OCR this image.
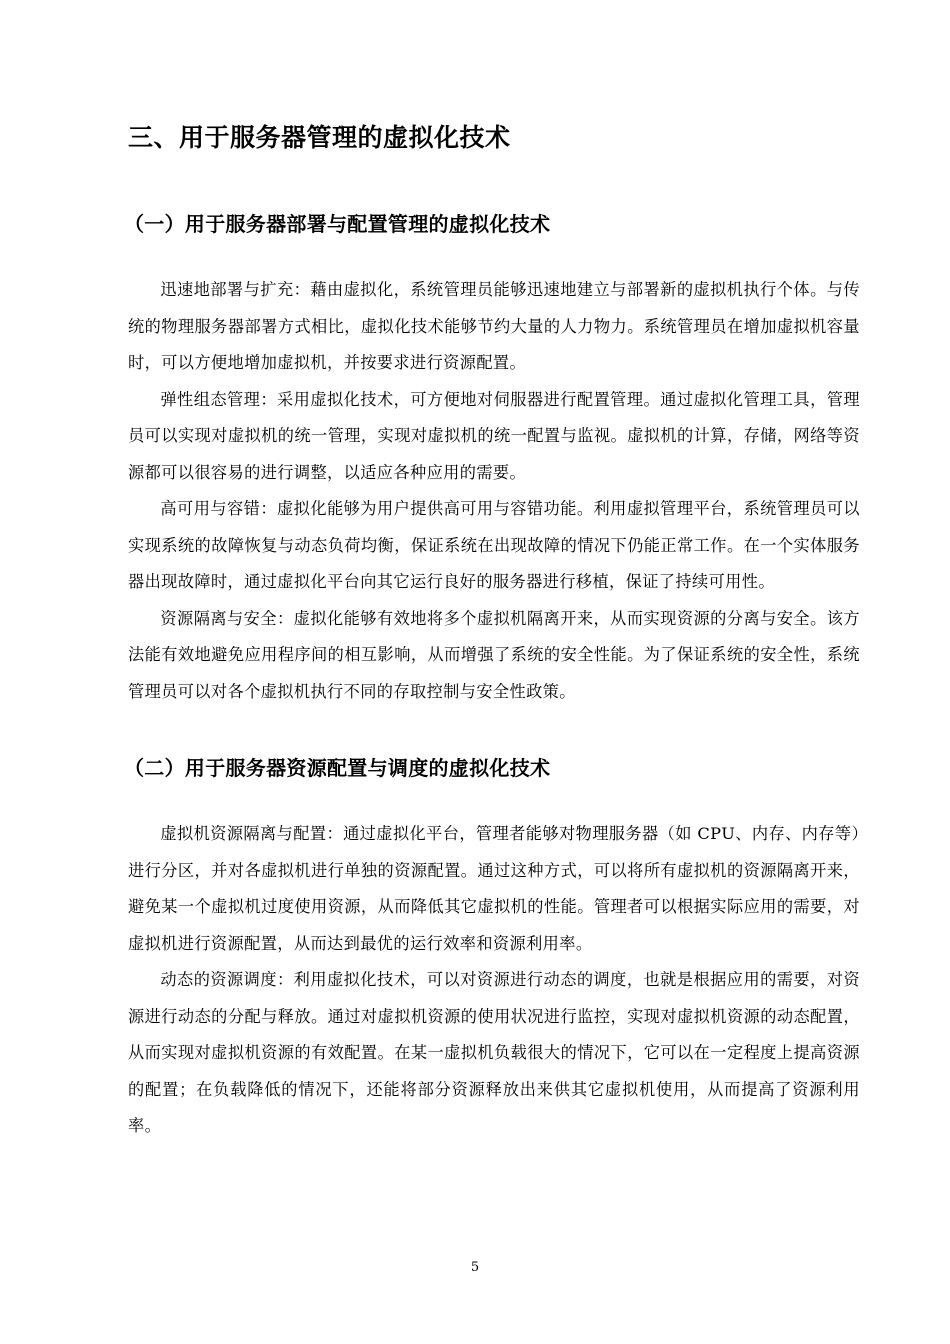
三、用于服务器管理的虚拟化技术
（一）用于服务器部署与配置管理的虚拟化技术

迅速地部署与扩充：藉由虚拟化，系统管理员能够迅速地建立与部署新的虚拟机执行个体。与传统的物理服务器部署方式相比，虚拟化技术能够节约大量的人力物力。系统管理员在增加虚拟机容量时，可以方便地增加虚拟机，并按要求进行资源配置。

弹性组态管理：采用虚拟化技术，可方便地对伺服器进行配置管理。通过虚拟化管理工具，管理员可以实现对虚拟机的统一管理，实现对虚拟机的统一配置与监视。虚拟机的计算，存储，网络等资源都可以很容易的进行调整，以适应各种应用的需要。

高可用与容错：虚拟化能够为用户提供高可用与容错功能。利用虚拟管理平台，系统管理员可以实现系统的故障恢复与动态负荷均衡，保证系统在出现故障的情况下仍能正常工作。在一个实体服务器出现故障时，通过虚拟化平台向其它运行良好的服务器进行移植，保证了持续可用性。

资源隔离与安全：虚拟化能够有效地将多个虚拟机隔离开来，从而实现资源的分离与安全。该方法能有效地避免应用程序间的相互影响，从而增强了系统的安全性能。为了保证系统的安全性，系统管理员可以对各个虚拟机执行不同的存取控制与安全性政策。

（二）用于服务器资源配置与调度的虚拟化技术

虚拟机资源隔离与配置：通过虚拟化平台，管理者能够对物理服务器（如 CPU、内存、内存等）进行分区，并对各虚拟机进行单独的资源配置。通过这种方式，可以将所有虚拟机的资源隔离开来，避免某一个虚拟机过度使用资源，从而降低其它虚拟机的性能。管理者可以根据实际应用的需要，对虚拟机进行资源配置，从而达到最优的运行效率和资源利用率。

动态的资源调度：利用虚拟化技术，可以对资源进行动态的调度，也就是根据应用的需要，对资源进行动态的分配与释放。通过对虚拟机资源的使用状况进行监控，实现对虚拟机资源的动态配置，从而实现对虚拟机资源的有效配置。在某一虚拟机负载很大的情况下，它可以在一定程度上提高资源的配置；在负载降低的情况下，还能将部分资源释放出来供其它虚拟机使用，从而提高了资源利用率。

5
